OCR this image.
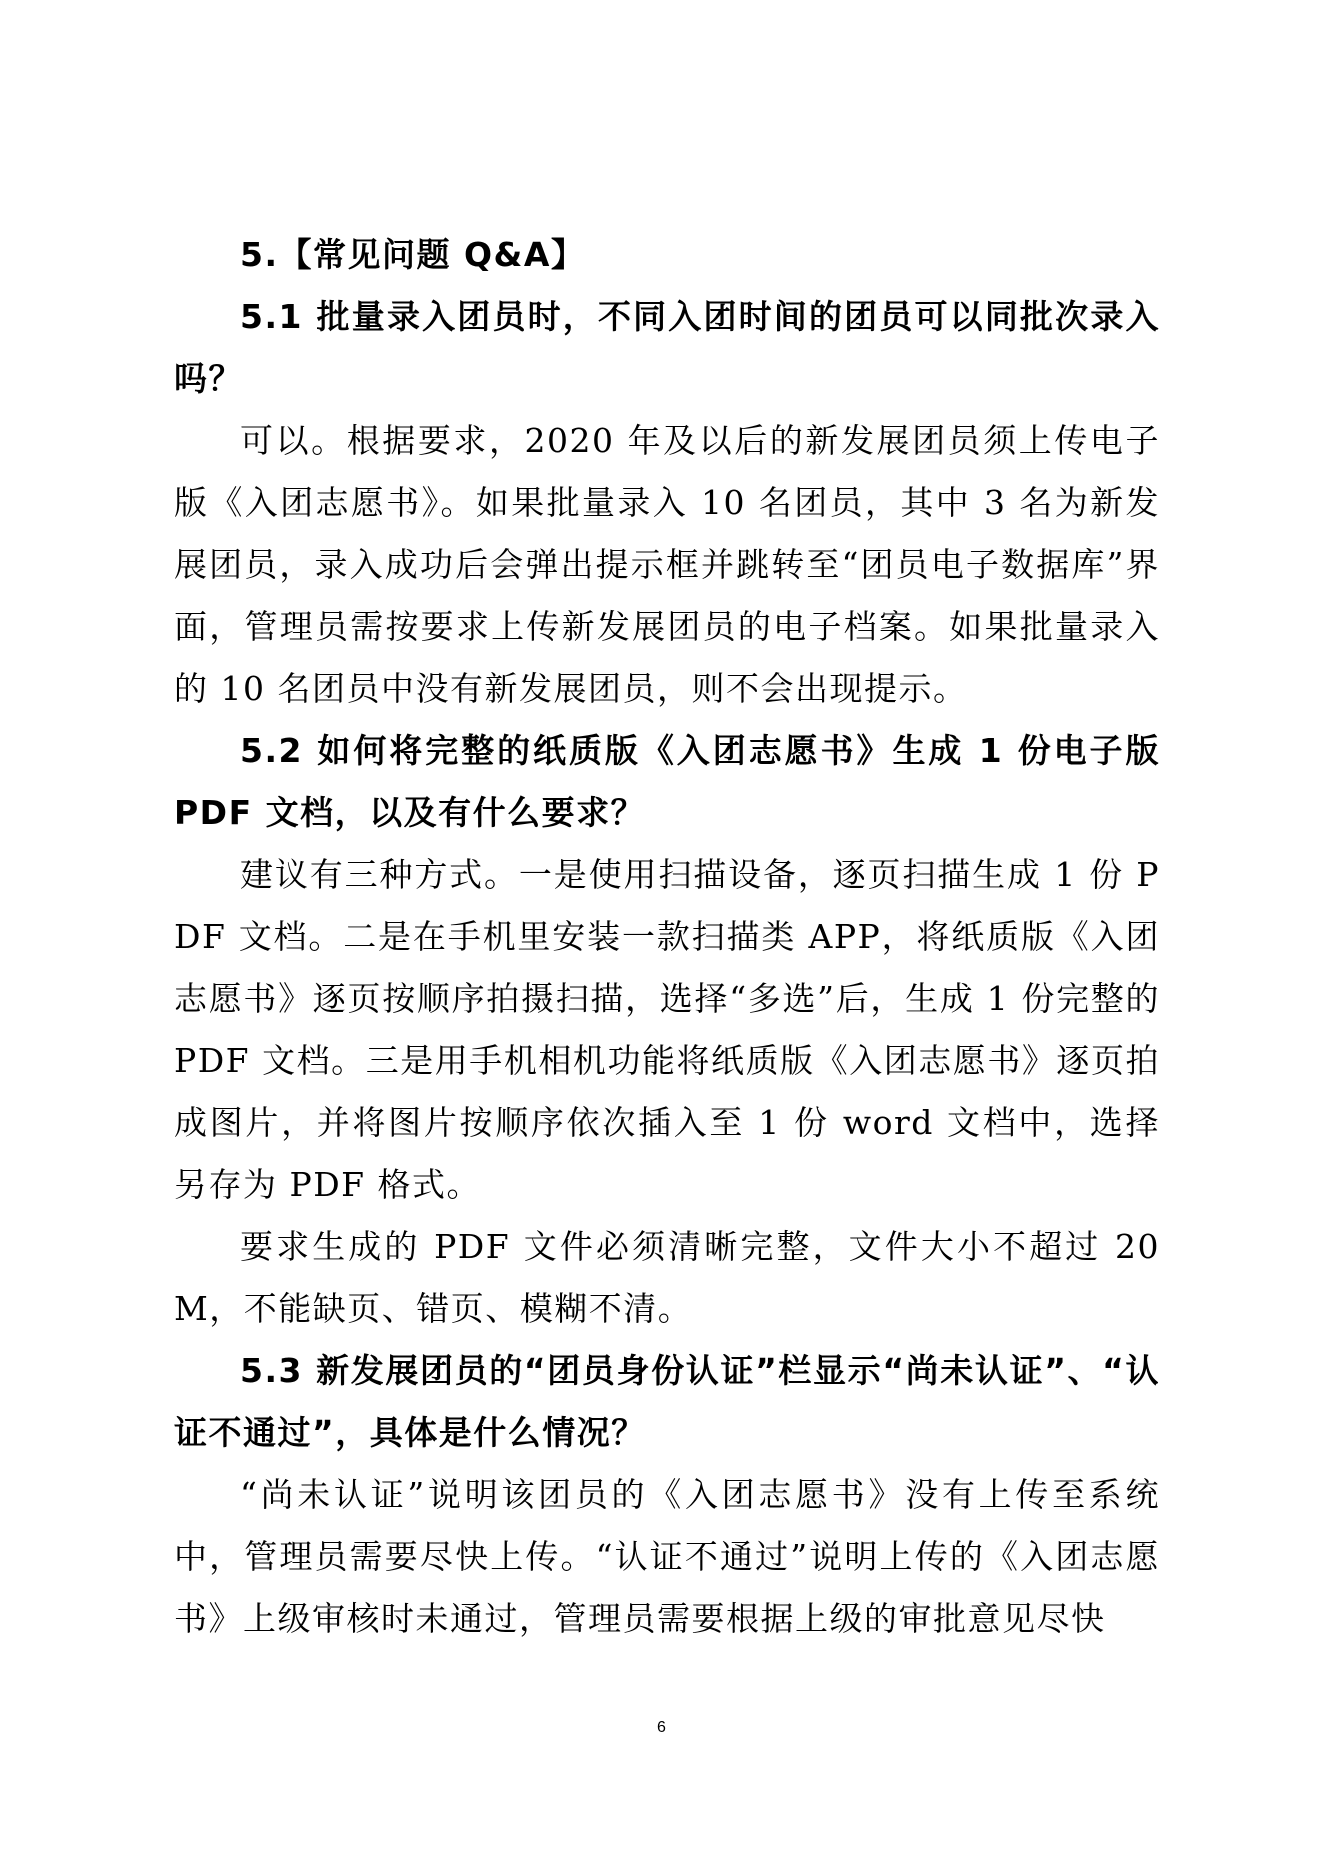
5.【常见问题 Q&A】

5.1 批量录入团员时，不同入团时间的团员可以同批次录入吗？

可以。根据要求，2020 年及以后的新发展团员须上传电子版《入团志愿书》。如果批量录入 10 名团员，其中 3 名为新发展团员，录入成功后会弹出提示框并跳转至“团员电子数据库”界面，管理员需按要求上传新发展团员的电子档案。如果批量录入的 10 名团员中没有新发展团员，则不会出现提示。

5.2 如何将完整的纸质版《入团志愿书》生成 1 份电子版 PDF 文档，以及有什么要求？

建议有三种方式。一是使用扫描设备，逐页扫描生成 1 份 PDF 文档。二是在手机里安装一款扫描类 APP，将纸质版《入团志愿书》逐页按顺序拍摄扫描，选择“多选”后，生成 1 份完整的 PDF 文档。三是用手机相机功能将纸质版《入团志愿书》逐页拍成图片，并将图片按顺序依次插入至 1 份 word 文档中，选择另存为 PDF 格式。

要求生成的 PDF 文件必须清晰完整，文件大小不超过 20M，不能缺页、错页、模糊不清。

5.3 新发展团员的“团员身份认证”栏显示“尚未认证”、“认证不通过”，具体是什么情况？

“尚未认证”说明该团员的《入团志愿书》没有上传至系统中，管理员需要尽快上传。“认证不通过”说明上传的《入团志愿书》上级审核时未通过，管理员需要根据上级的审批意见尽快

6
